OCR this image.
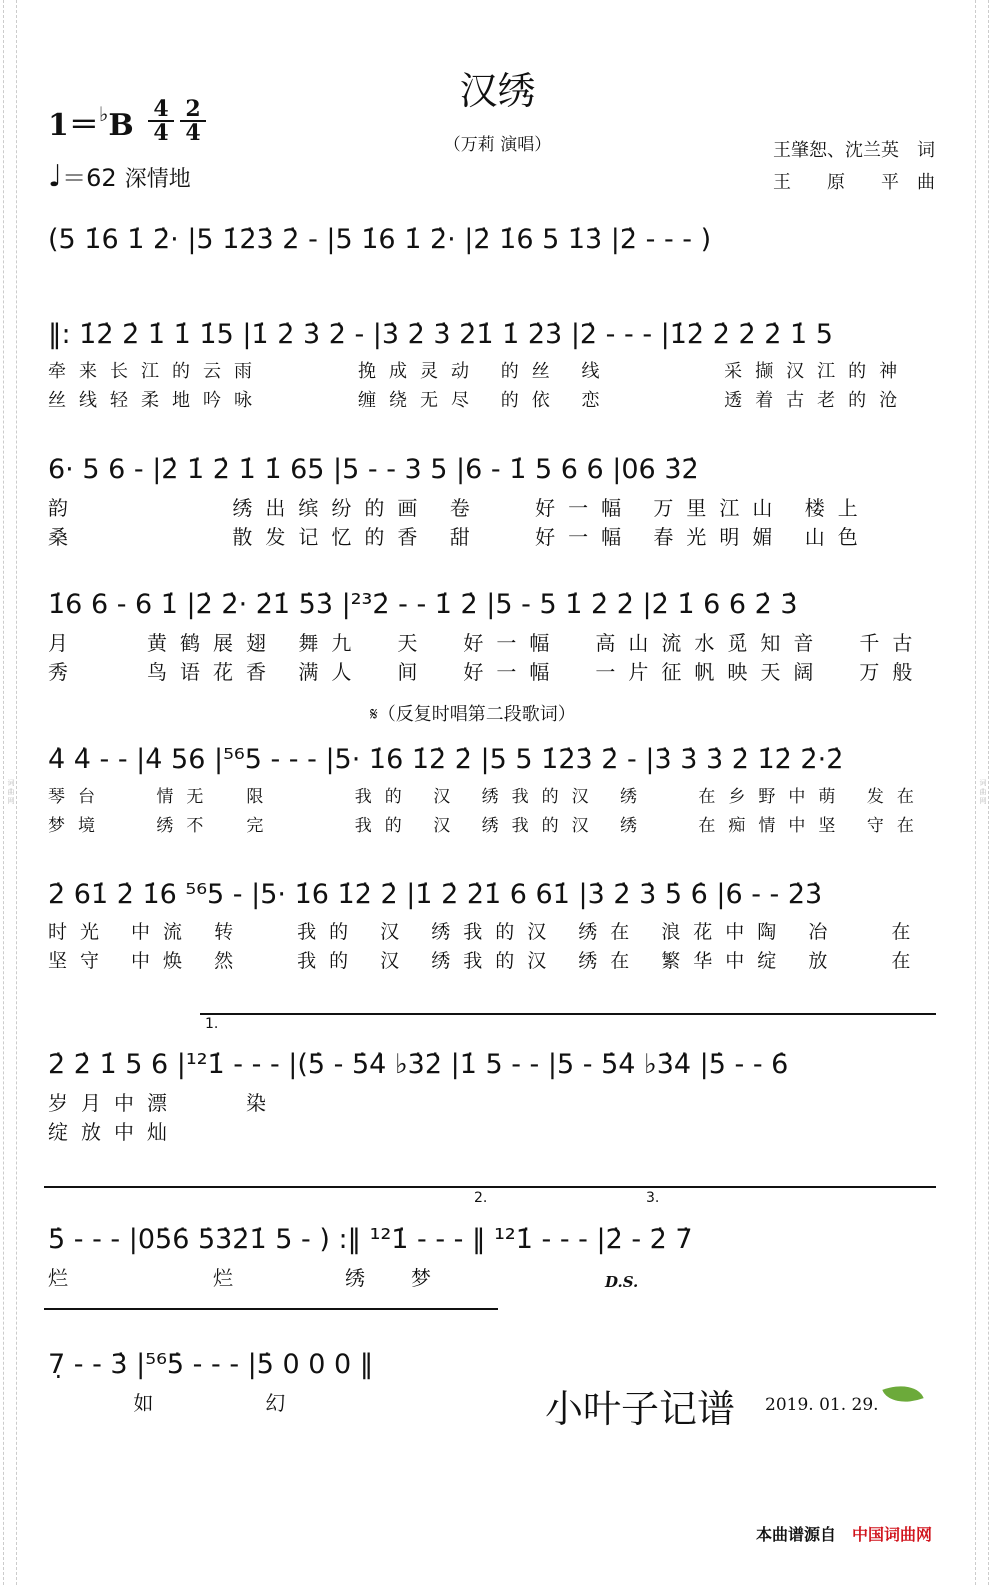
词曲网	词曲网
汉绣
（万莉 演唱）
$1=^♭B \frac{4}{4} \frac{2}{4}$
♩＝62 深情地
王肇恕、沈兰英　词
王　　原　　平　曲
𝄋（反复时唱第二段歌词）
(5 1̇6 1̇ 2̇· |5 1̇2̇3̇ 2̇ - |5 1̇6 1̇ 2̇· |2̇ 1̇6 5 1̇3̇ |2̇ - - - )
‖: 1̇2̇ 2̇ 1̇ 1̇ 1̇5 |1̇ 2̇ 3̇ 2̇ - |3̇ 2̇ 3̇ 2̇1̇ 1̇ 2̇3̇ |2̇ - - - |1̇2̇ 2̇ 2̇ 2̇ 1̇ 5
牵来长江的云雨　　　挽成灵动 的丝 线　　　 采撷汉江的神
丝线轻柔地吟咏　　　缠绕无尽 的依 恋　　　 透着古老的沧
6· 5 6 - |2̇ 1̇ 2̇ 1̇ 1̇ 65 |5 - - 3 5 |6 - 1̇ 5 6 6 |06 3̇2̇
韵　　　　 绣出缤纷的画 卷　 好一幅 万里江山 楼上
桑　　　　 散发记忆的香 甜　 好一幅 春光明媚 山色
1̇6 6 - 6 1̇ |2̇ 2̇· 2̇1̇ 5̇3̇ |²³2̇ - - 1̇ 2̇ |5 - 5 1̇ 2̇ 2̇ |2̇ 1̇ 6 6 2̇ 3̇
月　　黄鹤展翅 舞九　天　好一幅　高山流水觅知音　千古
秀　　鸟语花香 满人　间　好一幅　一片征帆映天阔　万般
4̇ 4̇ - - |4̇ 56 |⁵⁶5 - - - |5· 1̇6 1̇2̇ 2̇ |5 5 1̇2̇3̇ 2̇ - |3̇ 3̇ 3̇ 2̇ 1̇2̇ 2̇·2̇
琴台　 情无　限　　 我的 汉 绣我的汉 绣　 在乡野中萌 发在
梦境　 绣不　完　　 我的 汉 绣我的汉 绣　 在痴情中坚 守在
2̇ 61̇ 2̇ 1̇6 ⁵⁶5 - |5· 1̇6 1̇2̇ 2̇ |1̇ 2̇ 2̇1̇ 6 61̇ |3̇ 2̇ 3̇ 5̇ 6̇ |6 - - 2̇3̇
时光 中流 转　 我的 汉 绣我的汉 绣在 浪花中陶 冶　 在
坚守 中焕 然　 我的 汉 绣我的汉 绣在 繁华中绽 放　 在
2̇ 2̇ 1̇ 5 6 |¹²1̇ - - - |(5̇ - 5̇4̇ ♭3̇2̇ |1̇ 5 - - |5 - 5̇4̇ ♭3̇4̇ |5̇ - - 6̇
岁月中漂　　染
绽放中灿
5̇ - - - |05̇6̇ 5̇3̇2̇1̇ 5 - ) :‖ ¹²1̇ - - - ‖ ¹²1̇ - - - |2̇ - 2̇ 7̇
烂　　　　烂　　　绣　梦
7̣ - - 3̇ |⁵⁶5̇ - - - |5̇ 0 0 0 ‖
　　 如　　　幻
1.
2.	3.
D.S.
小叶子记谱 2019. 01. 29.
本曲谱源自 中国词曲网
